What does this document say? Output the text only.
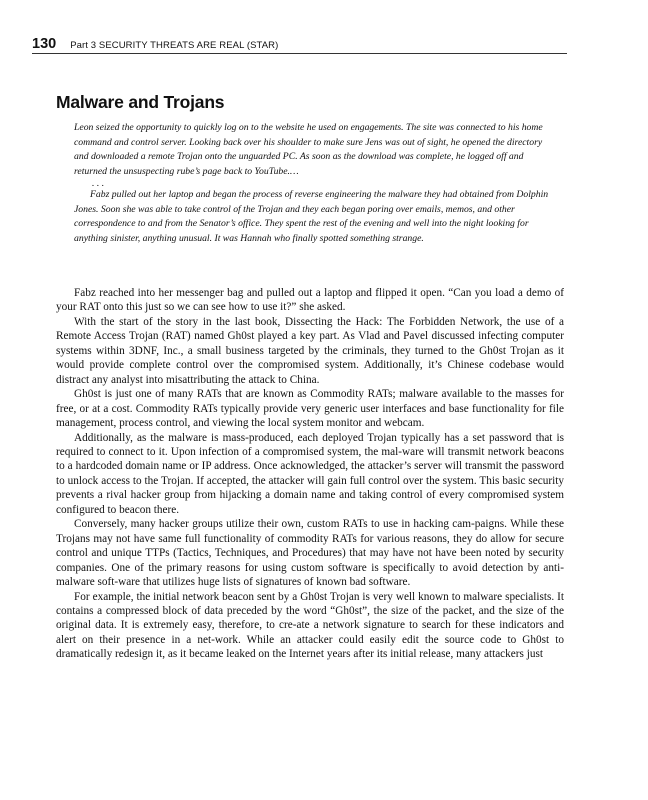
130 Part 3 SECURITY THREATS ARE REAL (STAR)
Malware and Trojans

Leon seized the opportunity to quickly log on to the website he used on engagements. The site was connected to his home command and control server. Looking back over his shoulder to make sure Jens was out of sight, he opened the directory and downloaded a remote Trojan onto the unguarded PC. As soon as the download was complete, he logged off and returned the unsuspecting rube’s page back to YouTube.…

. . .

Fabz pulled out her laptop and began the process of reverse engineering the malware they had obtained from Dolphin Jones. Soon she was able to take control of the Trojan and they each began poring over emails, memos, and other correspondence to and from the Senator’s office. They spent the rest of the evening and well into the night looking for anything sinister, anything unusual. It was Hannah who finally spotted something strange.

Fabz reached into her messenger bag and pulled out a laptop and flipped it open. “Can you load a demo of your RAT onto this just so we can see how to use it?” she asked.

With the start of the story in the last book, Dissecting the Hack: The Forbidden Network, the use of a Remote Access Trojan (RAT) named Gh0st played a key part. As Vlad and Pavel discussed infecting computer systems within 3DNF, Inc., a small business targeted by the criminals, they turned to the Gh0st Trojan as it would provide complete control over the compromised system. Additionally, it’s Chinese codebase would distract any analyst into misattributing the attack to China.

Gh0st is just one of many RATs that are known as Commodity RATs; malware available to the masses for free, or at a cost. Commodity RATs typically provide very generic user interfaces and base functionality for file management, process control, and viewing the local system monitor and webcam.

Additionally, as the malware is mass-produced, each deployed Trojan typically has a set password that is required to connect to it. Upon infection of a compromised system, the mal-ware will transmit network beacons to a hardcoded domain name or IP address. Once acknowledged, the attacker’s server will transmit the password to unlock access to the Trojan. If accepted, the attacker will gain full control over the system. This basic security prevents a rival hacker group from hijacking a domain name and taking control of every compromised system configured to beacon there.

Conversely, many hacker groups utilize their own, custom RATs to use in hacking cam-paigns. While these Trojans may not have same full functionality of commodity RATs for various reasons, they do allow for secure control and unique TTPs (Tactics, Techniques, and Procedures) that may have not have been noted by security companies. One of the primary reasons for using custom software is specifically to avoid detection by anti-malware soft-ware that utilizes huge lists of signatures of known bad software.

For example, the initial network beacon sent by a Gh0st Trojan is very well known to malware specialists. It contains a compressed block of data preceded by the word “Gh0st”, the size of the packet, and the size of the original data. It is extremely easy, therefore, to cre-ate a network signature to search for these indicators and alert on their presence in a net-work. While an attacker could easily edit the source code to Gh0st to dramatically redesign it, as it became leaked on the Internet years after its initial release, many attackers just
